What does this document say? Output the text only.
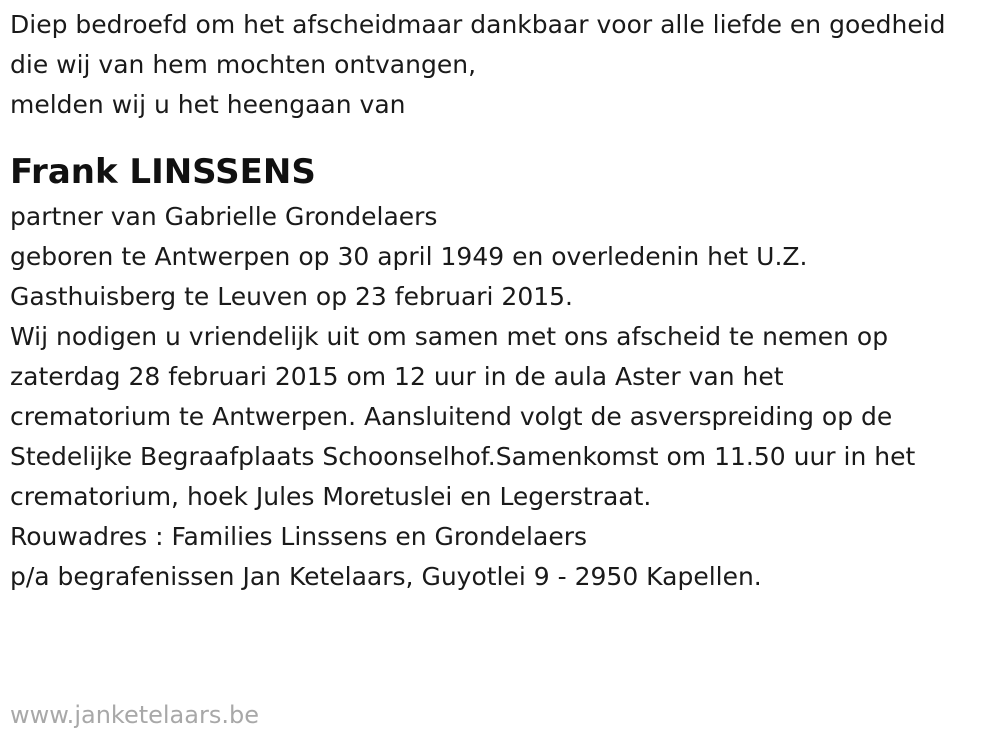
Diep bedroefd om het afscheidmaar dankbaar voor alle liefde en goedheid
die wij van hem mochten ontvangen,
melden wij u het heengaan van
Frank LINSSENS
partner van Gabrielle Grondelaers
geboren te Antwerpen op 30 april 1949 en overledenin het U.Z.
Gasthuisberg te Leuven op 23 februari 2015.
Wij nodigen u vriendelijk uit om samen met ons afscheid te nemen op
zaterdag 28 februari 2015 om 12 uur in de aula Aster van het
crematorium te Antwerpen. Aansluitend volgt de asverspreiding op de
Stedelijke Begraafplaats Schoonselhof.Samenkomst om 11.50 uur in het
crematorium, hoek Jules Moretuslei en Legerstraat.
Rouwadres : Families Linssens en Grondelaers
p/a begrafenissen Jan Ketelaars, Guyotlei 9 - 2950 Kapellen.
www.janketelaars.be
